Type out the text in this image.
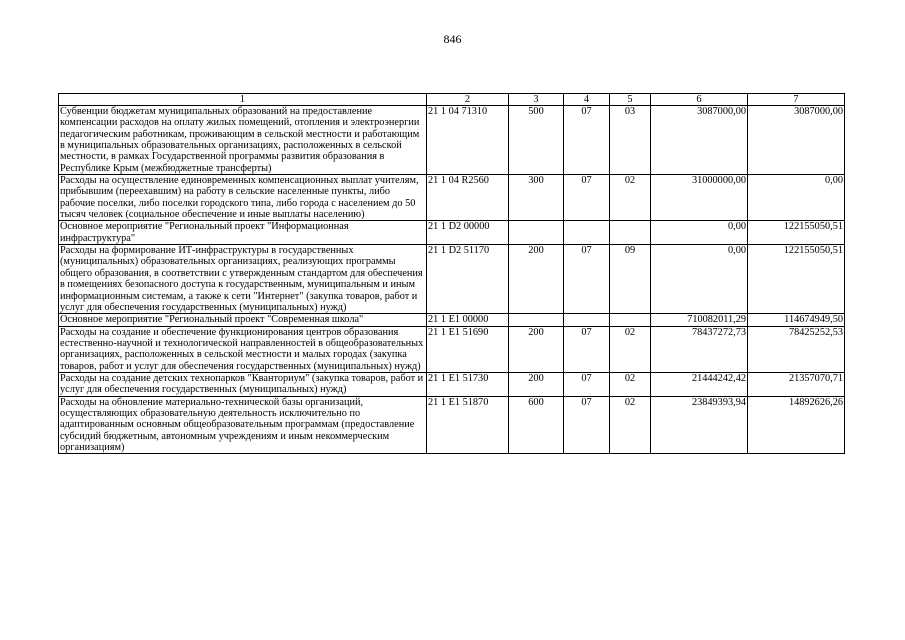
846
1	2	3	4	5	6	7
Субвенции бюджетам муниципальных образований на предоставление компенсации расходов на оплату жилых помещений, отопления и электроэнергии педагогическим работникам, проживающим в сельской местности и работающим в муниципальных образовательных организациях, расположенных в сельской местности, в рамках Государственной программы развития образования в Республике Крым (межбюджетные трансферты)	21 1 04 71310	500	07	03	3087000,00	3087000,00
Расходы на осуществление единовременных компенсационных выплат учителям, прибывшим (переехавшим) на работу в сельские населенные пункты, либо рабочие поселки, либо поселки городского типа, либо города с населением до 50 тысяч человек (социальное обеспечение и иные выплаты населению)	21 1 04 R2560	300	07	02	31000000,00	0,00
Основное мероприятие "Региональный проект "Информационная инфраструктура"	21 1 D2 00000				0,00	122155050,51
Расходы на формирование ИТ-инфраструктуры в государственных (муниципальных) образовательных организациях, реализующих программы общего образования, в соответствии с утвержденным стандартом для обеспечения в помещениях безопасного доступа к государственным, муниципальным и иным информационным системам, а также к сети "Интернет" (закупка товаров, работ и услуг для обеспечения государственных (муниципальных) нужд)	21 1 D2 51170	200	07	09	0,00	122155050,51
Основное мероприятие "Региональный проект "Современная школа"	21 1 E1 00000				710082011,29	114674949,50
Расходы на создание и обеспечение функционирования центров образования естественно-научной и технологической направленностей в общеобразовательных организациях, расположенных в сельской местности и малых городах (закупка товаров, работ и услуг для обеспечения государственных (муниципальных) нужд)	21 1 E1 51690	200	07	02	78437272,73	78425252,53
Расходы на создание детских технопарков "Кванториум" (закупка товаров, работ и услуг для обеспечения государственных (муниципальных) нужд)	21 1 E1 51730	200	07	02	21444242,42	21357070,71
Расходы на обновление материально-технической базы организаций, осуществляющих образовательную деятельность исключительно по адаптированным основным общеобразовательным программам (предоставление субсидий бюджетным, автономным учреждениям и иным некоммерческим организациям)	21 1 E1 51870	600	07	02	23849393,94	14892626,26
